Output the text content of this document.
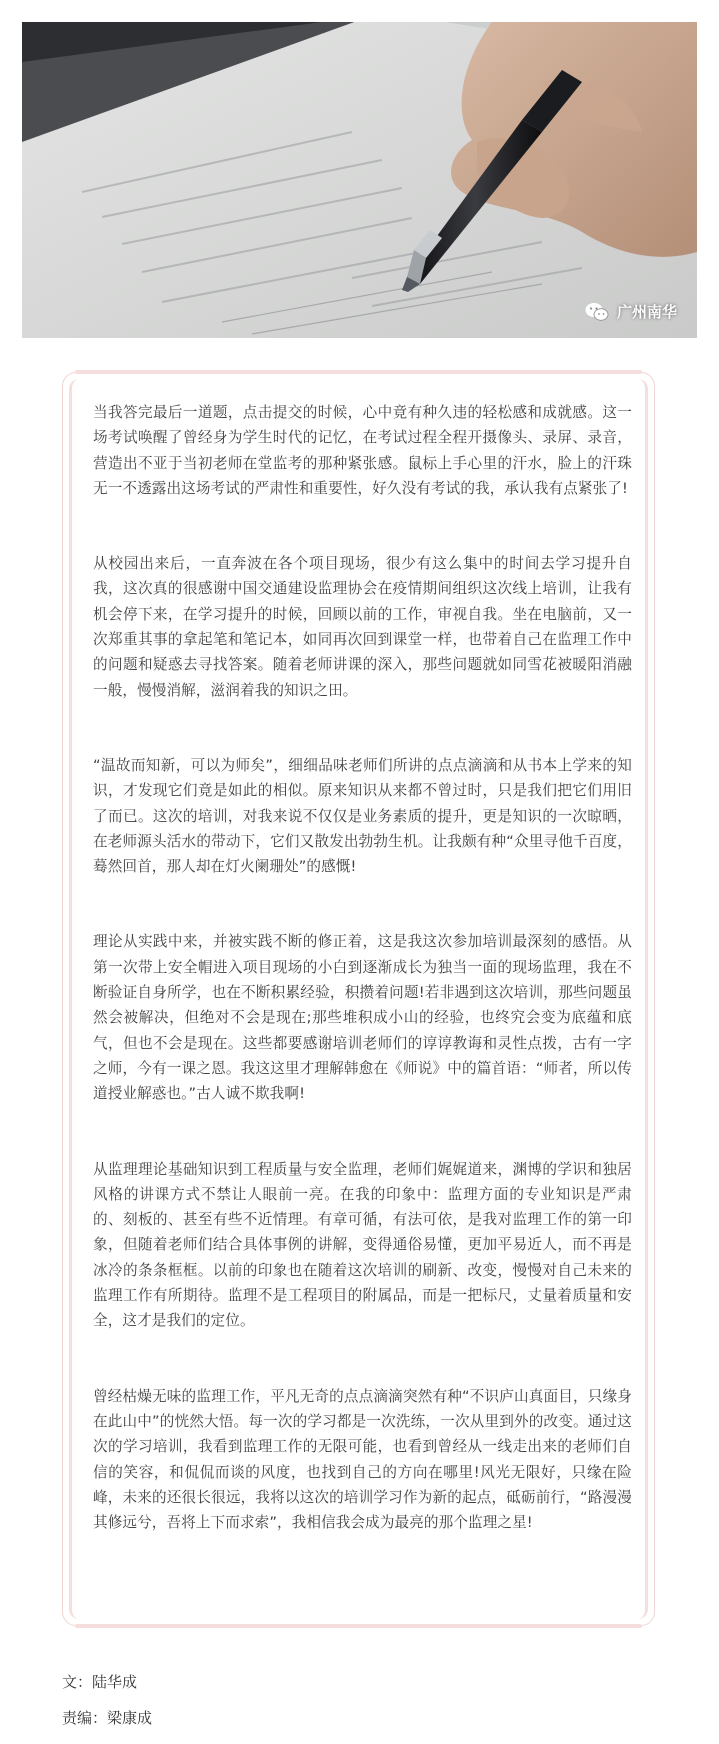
广州南华

当我答完最后一道题，点击提交的时候，心中竟有种久违的轻松感和成就感。这一场考试唤醒了曾经身为学生时代的记忆，在考试过程全程开摄像头、录屏、录音，营造出不亚于当初老师在堂监考的那种紧张感。鼠标上手心里的汗水，脸上的汗珠无一不透露出这场考试的严肃性和重要性，好久没有考试的我，承认我有点紧张了!

从校园出来后，一直奔波在各个项目现场，很少有这么集中的时间去学习提升自我，这次真的很感谢中国交通建设监理协会在疫情期间组织这次线上培训，让我有机会停下来，在学习提升的时候，回顾以前的工作，审视自我。坐在电脑前，又一次郑重其事的拿起笔和笔记本，如同再次回到课堂一样，也带着自己在监理工作中的问题和疑惑去寻找答案。随着老师讲课的深入，那些问题就如同雪花被暖阳消融一般，慢慢消解，滋润着我的知识之田。

“温故而知新，可以为师矣”，细细品味老师们所讲的点点滴滴和从书本上学来的知识，才发现它们竟是如此的相似。原来知识从来都不曾过时，只是我们把它们用旧了而已。这次的培训，对我来说不仅仅是业务素质的提升，更是知识的一次晾晒，在老师源头活水的带动下，它们又散发出勃勃生机。让我颇有种“众里寻他千百度，蓦然回首，那人却在灯火阑珊处”的感慨!

理论从实践中来，并被实践不断的修正着，这是我这次参加培训最深刻的感悟。从第一次带上安全帽进入项目现场的小白到逐渐成长为独当一面的现场监理，我在不断验证自身所学，也在不断积累经验，积攒着问题!若非遇到这次培训，那些问题虽然会被解决，但绝对不会是现在;那些堆积成小山的经验，也终究会变为底蕴和底气，但也不会是现在。这些都要感谢培训老师们的谆谆教诲和灵性点拨，古有一字之师，今有一课之恩。我这这里才理解韩愈在《师说》中的篇首语：“师者，所以传道授业解惑也。”古人诚不欺我啊!

从监理理论基础知识到工程质量与安全监理，老师们娓娓道来，渊博的学识和独居风格的讲课方式不禁让人眼前一亮。在我的印象中：监理方面的专业知识是严肃的、刻板的、甚至有些不近情理。有章可循，有法可依，是我对监理工作的第一印象，但随着老师们结合具体事例的讲解，变得通俗易懂，更加平易近人，而不再是冰冷的条条框框。以前的印象也在随着这次培训的刷新、改变，慢慢对自己未来的监理工作有所期待。监理不是工程项目的附属品，而是一把标尺，丈量着质量和安全，这才是我们的定位。

曾经枯燥无味的监理工作，平凡无奇的点点滴滴突然有种“不识庐山真面目，只缘身在此山中”的恍然大悟。每一次的学习都是一次洗练，一次从里到外的改变。通过这次的学习培训，我看到监理工作的无限可能，也看到曾经从一线走出来的老师们自信的笑容，和侃侃而谈的风度，也找到自己的方向在哪里!风光无限好，只缘在险峰，未来的还很长很远，我将以这次的培训学习作为新的起点，砥砺前行，“路漫漫其修远兮，吾将上下而求索”，我相信我会成为最亮的那个监理之星!

文：陆华成
责编：梁康成
